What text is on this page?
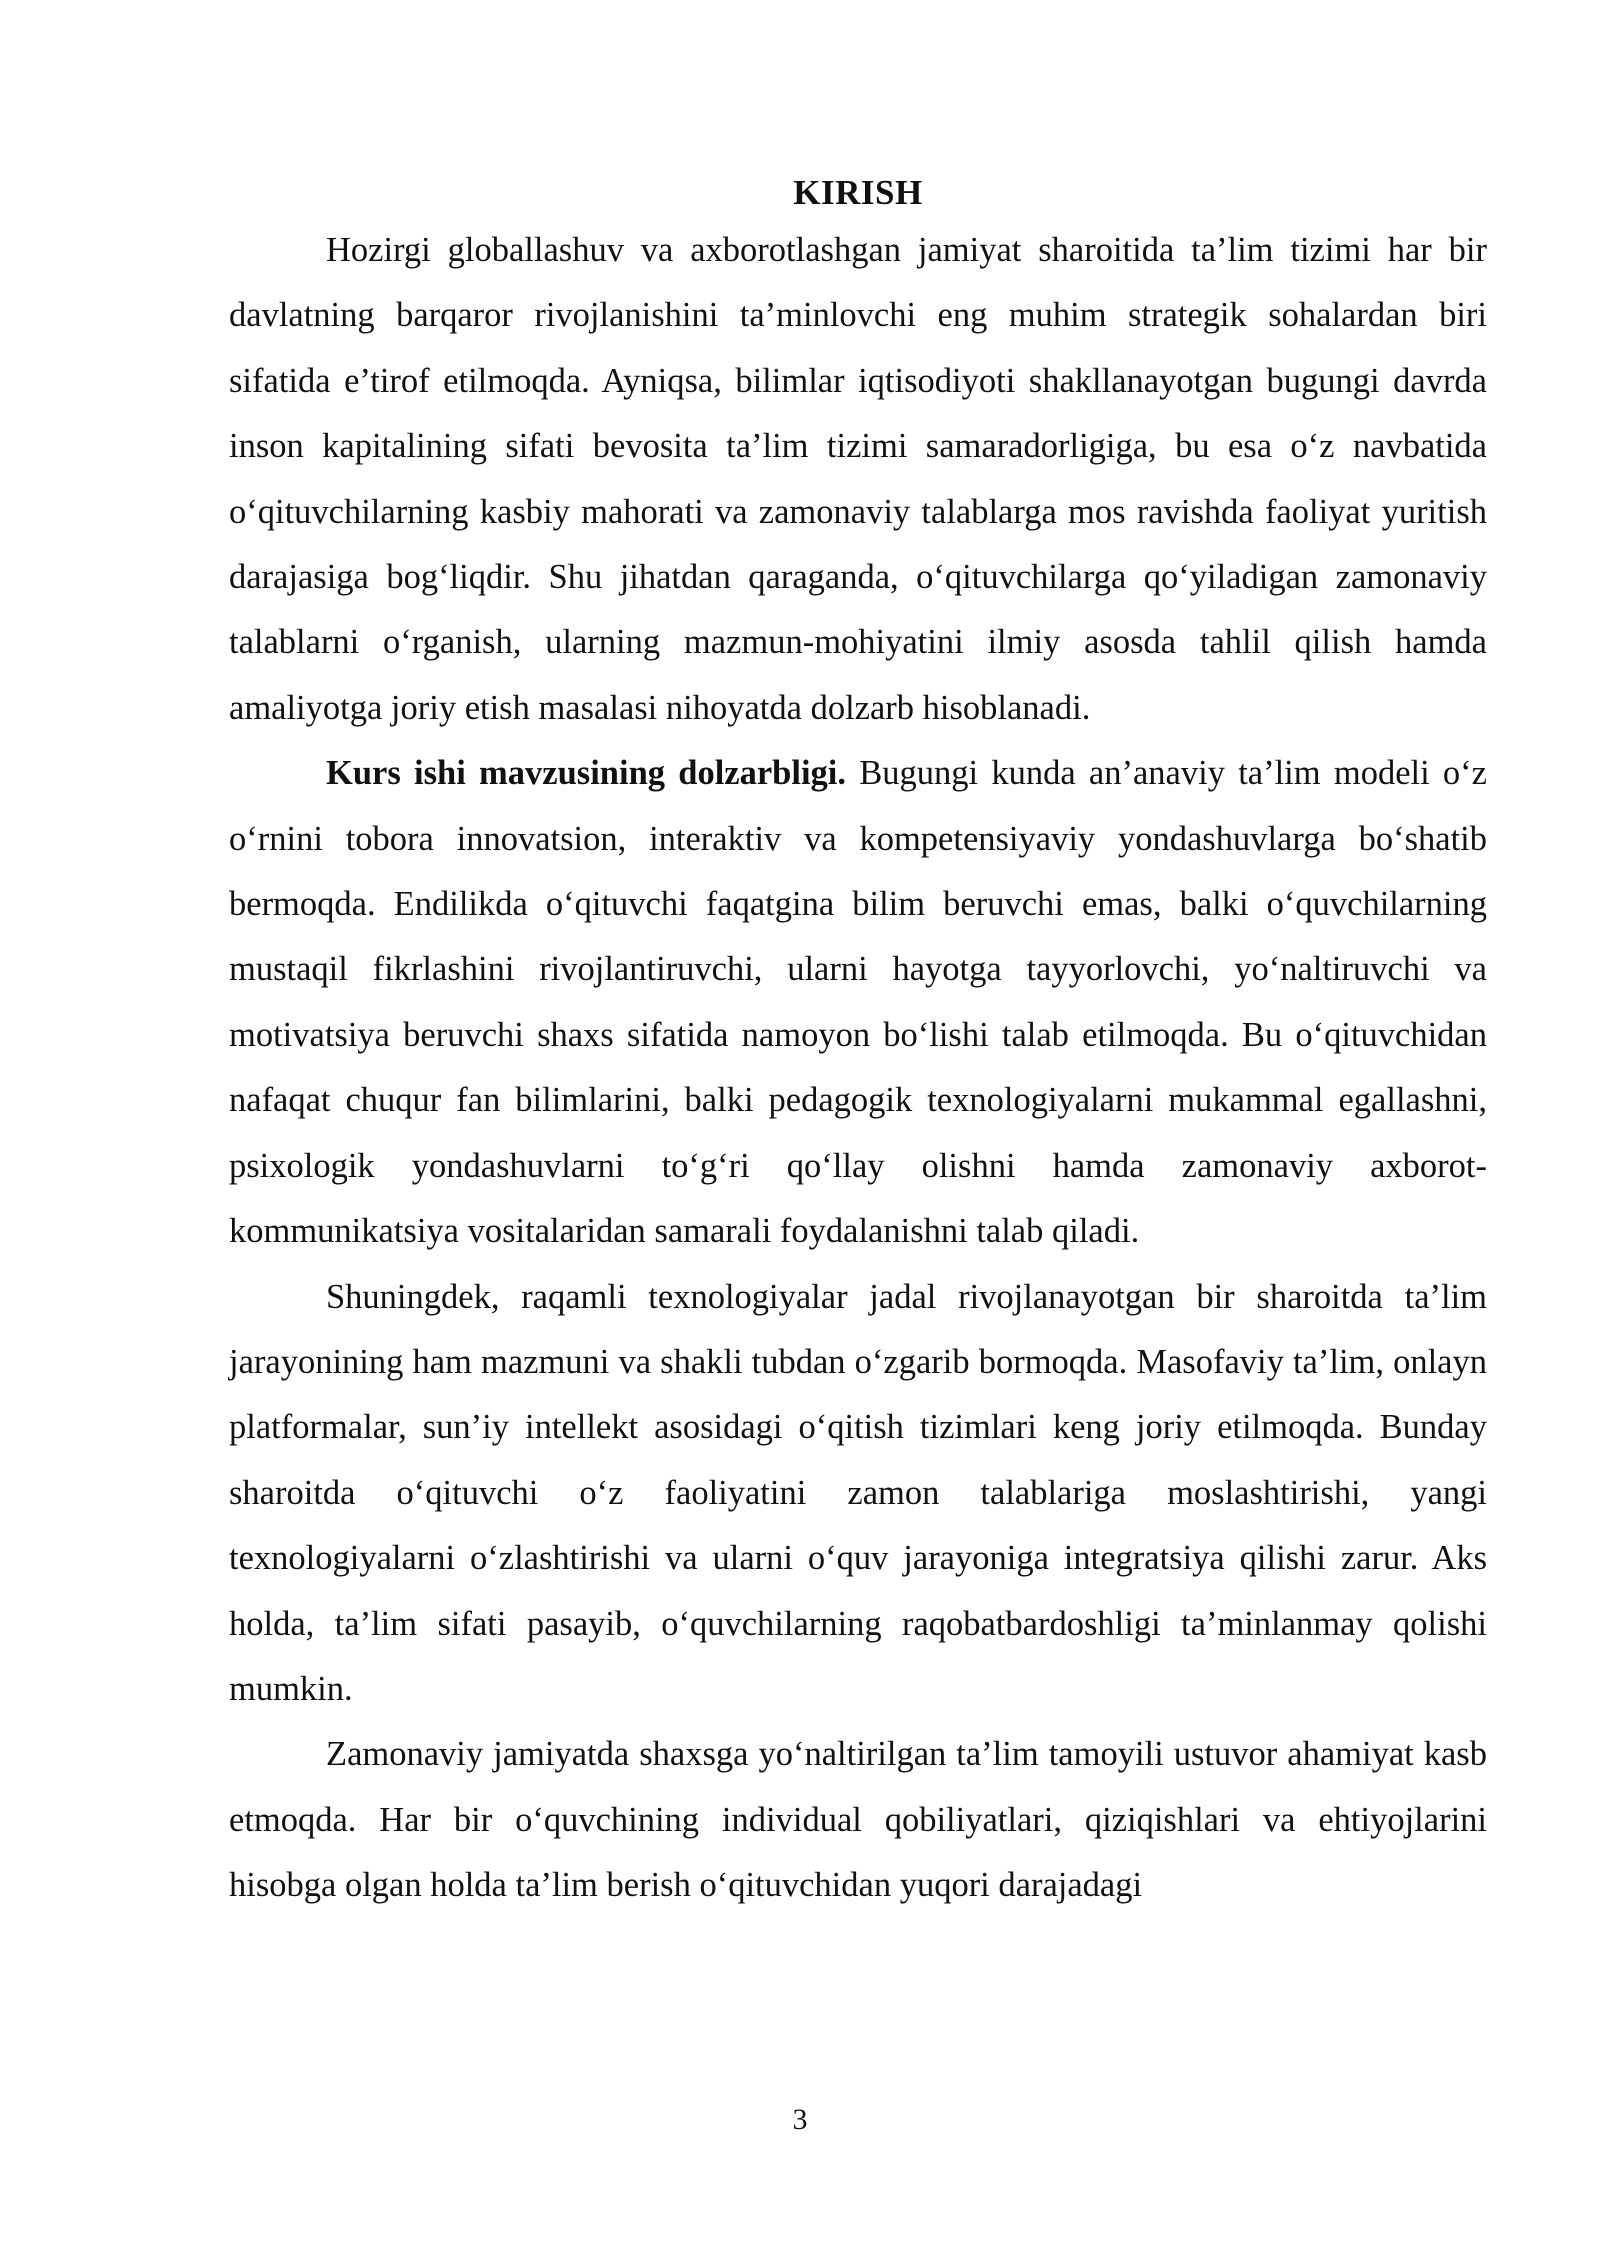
KIRISH

Hozirgi globallashuv va axborotlashgan jamiyat sharoitida ta’lim tizimi har bir davlatning barqaror rivojlanishini ta’minlovchi eng muhim strategik sohalardan biri sifatida e’tirof etilmoqda. Ayniqsa, bilimlar iqtisodiyoti shakllanayotgan bugungi davrda inson kapitalining sifati bevosita ta’lim tizimi samaradorligiga, bu esa o‘z navbatida o‘qituvchilarning kasbiy mahorati va zamonaviy talablarga mos ravishda faoliyat yuritish darajasiga bog‘liqdir. Shu jihatdan qaraganda, o‘qituvchilarga qo‘yiladigan zamonaviy talablarni o‘rganish, ularning mazmun-mohiyatini ilmiy asosda tahlil qilish hamda amaliyotga joriy etish masalasi nihoyatda dolzarb hisoblanadi.

Kurs ishi mavzusining dolzarbligi. Bugungi kunda an’anaviy ta’lim modeli o‘z o‘rnini tobora innovatsion, interaktiv va kompetensiyaviy yondashuvlarga bo‘shatib bermoqda. Endilikda o‘qituvchi faqatgina bilim beruvchi emas, balki o‘quvchilarning mustaqil fikrlashini rivojlantiruvchi, ularni hayotga tayyorlovchi, yo‘naltiruvchi va motivatsiya beruvchi shaxs sifatida namoyon bo‘lishi talab etilmoqda. Bu o‘qituvchidan nafaqat chuqur fan bilimlarini, balki pedagogik texnologiyalarni mukammal egallashni, psixologik yondashuvlarni to‘g‘ri qo‘llay olishni hamda zamonaviy axborot-kommunikatsiya vositalaridan samarali foydalanishni talab qiladi.

Shuningdek, raqamli texnologiyalar jadal rivojlanayotgan bir sharoitda ta’lim jarayonining ham mazmuni va shakli tubdan o‘zgarib bormoqda. Masofaviy ta’lim, onlayn platformalar, sun’iy intellekt asosidagi o‘qitish tizimlari keng joriy etilmoqda. Bunday sharoitda o‘qituvchi o‘z faoliyatini zamon talablariga moslashtirishi, yangi texnologiyalarni o‘zlashtirishi va ularni o‘quv jarayoniga integratsiya qilishi zarur. Aks holda, ta’lim sifati pasayib, o‘quvchilarning raqobatbardoshligi ta’minlanmay qolishi mumkin.

Zamonaviy jamiyatda shaxsga yo‘naltirilgan ta’lim tamoyili ustuvor ahamiyat kasb etmoqda. Har bir o‘quvchining individual qobiliyatlari, qiziqishlari va ehtiyojlarini hisobga olgan holda ta’lim berish o‘qituvchidan yuqori darajadagi

3
